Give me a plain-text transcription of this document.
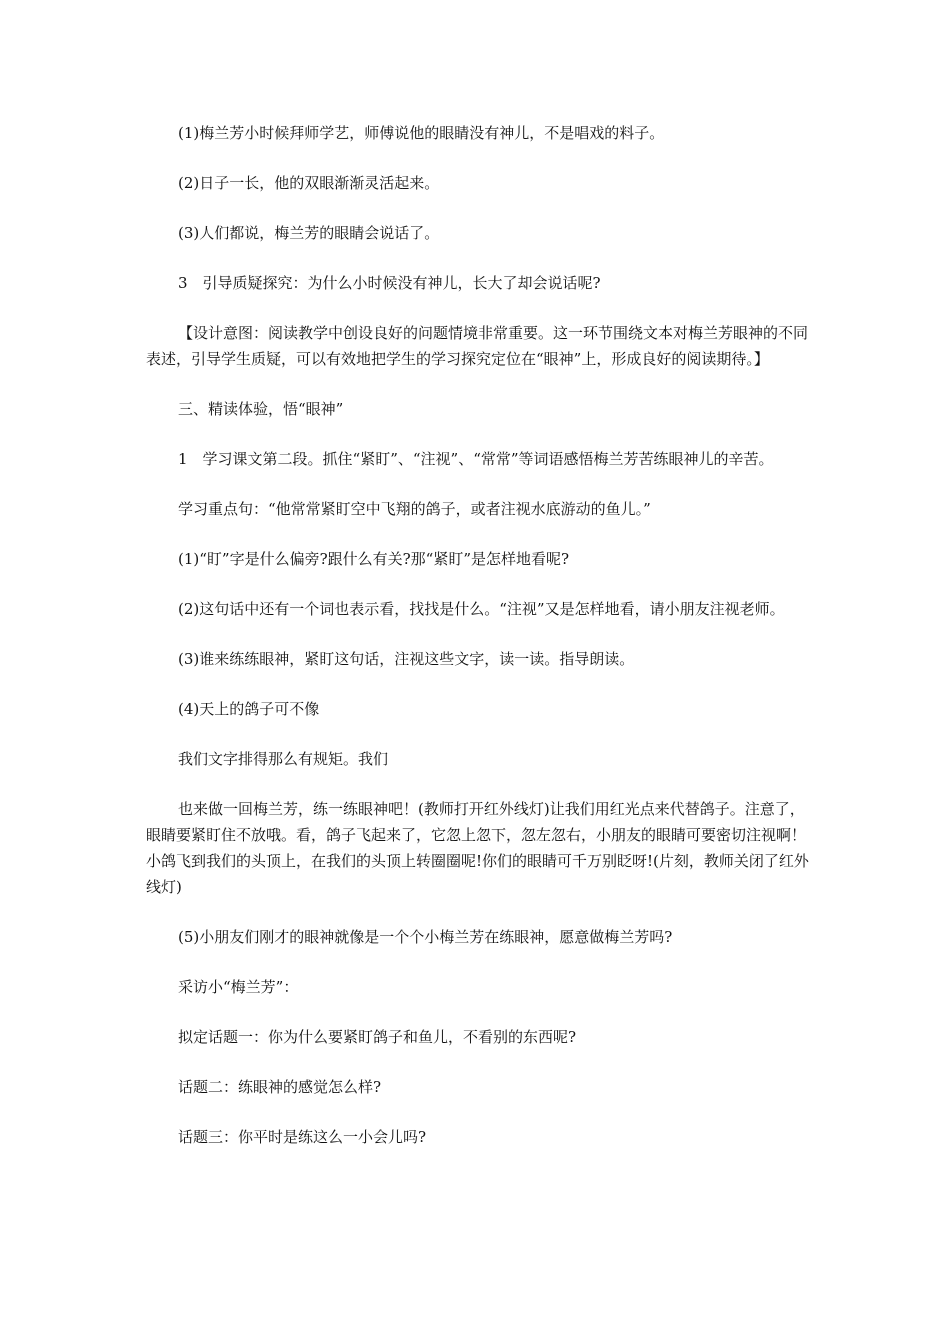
(1)梅兰芳小时候拜师学艺，师傅说他的眼睛没有神儿，不是唱戏的料子。

(2)日子一长，他的双眼渐渐灵活起来。

(3)人们都说，梅兰芳的眼睛会说话了。

3　引导质疑探究：为什么小时候没有神儿，长大了却会说话呢?

【设计意图：阅读教学中创设良好的问题情境非常重要。这一环节围绕文本对梅兰芳眼神的不同表述，引导学生质疑，可以有效地把学生的学习探究定位在“眼神”上，形成良好的阅读期待。】

三、精读体验，悟“眼神”

1　学习课文第二段。抓住“紧盯”、“注视”、“常常”等词语感悟梅兰芳苦练眼神儿的辛苦。

学习重点句：“他常常紧盯空中飞翔的鸽子，或者注视水底游动的鱼儿。”

(1)“盯”字是什么偏旁?跟什么有关?那“紧盯”是怎样地看呢?

(2)这句话中还有一个词也表示看，找找是什么。“注视”又是怎样地看，请小朋友注视老师。

(3)谁来练练眼神，紧盯这句话，注视这些文字，读一读。指导朗读。

(4)天上的鸽子可不像

我们文字排得那么有规矩。我们

也来做一回梅兰芳，练一练眼神吧！(教师打开红外线灯)让我们用红光点来代替鸽子。注意了，眼睛要紧盯住不放哦。看，鸽子飞起来了，它忽上忽下，忽左忽右，小朋友的眼睛可要密切注视啊！小鸽飞到我们的头顶上，在我们的头顶上转圈圈呢!你们的眼睛可千万别眨呀!(片刻，教师关闭了红外线灯)

(5)小朋友们刚才的眼神就像是一个个小梅兰芳在练眼神，愿意做梅兰芳吗?

采访小“梅兰芳”：

拟定话题一：你为什么要紧盯鸽子和鱼儿，不看别的东西呢?

话题二：练眼神的感觉怎么样?

话题三：你平时是练这么一小会儿吗?
